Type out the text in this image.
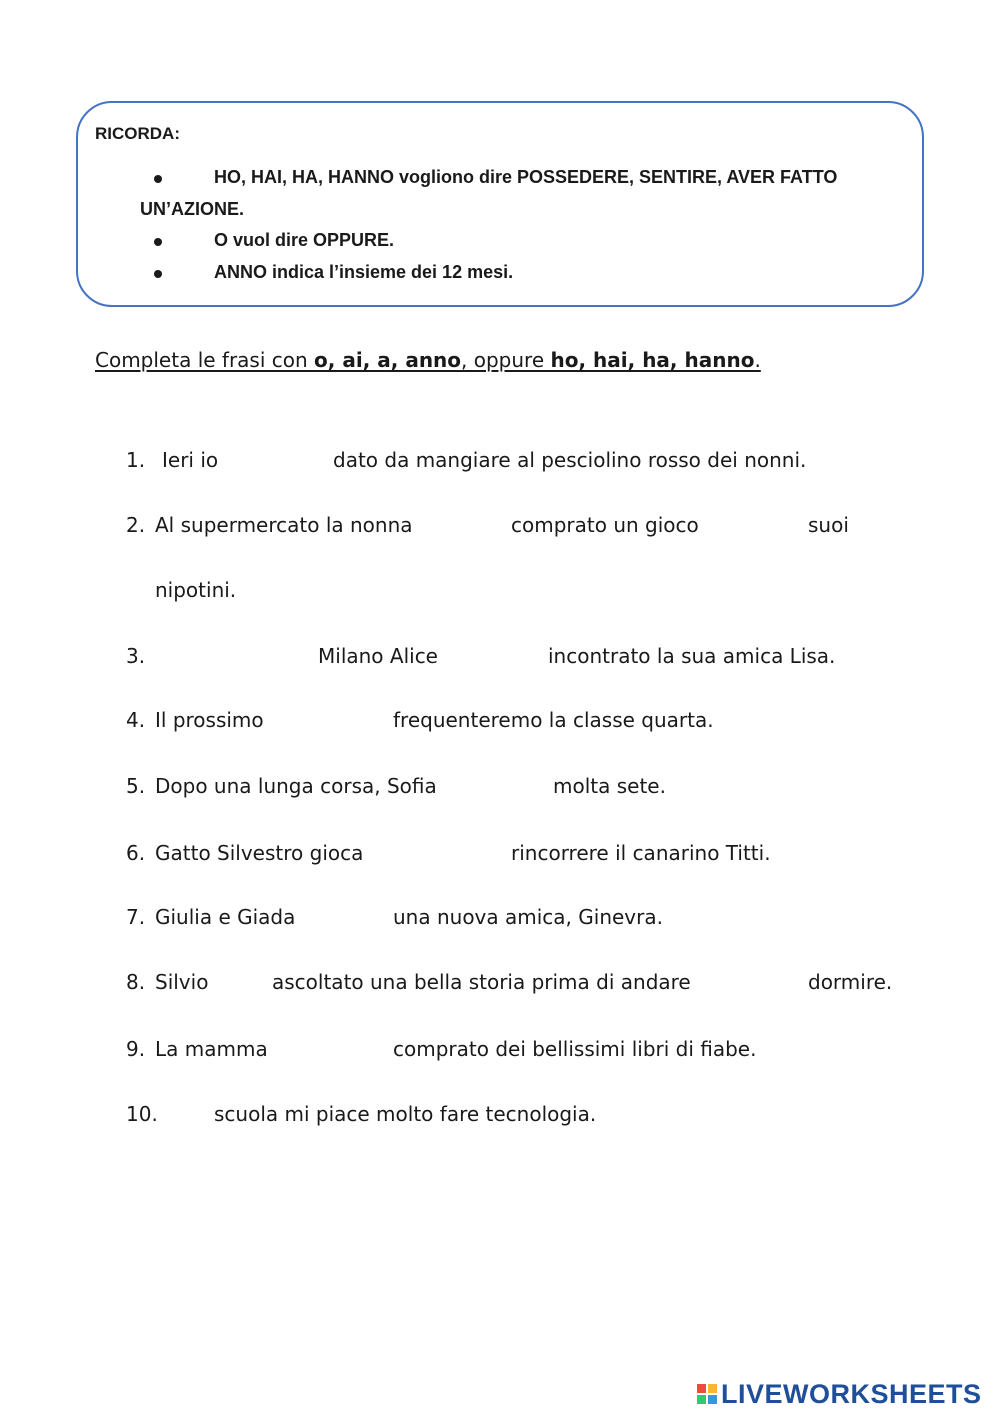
RICORDA:
HO, HAI, HA, HANNO vogliono dire POSSEDERE, SENTIRE, AVER FATTO
UN’AZIONE.
O vuol dire OPPURE.
ANNO indica l’insieme dei 12 mesi.
Completa le frasi con o, ai, a, anno, oppure ho, hai, ha, hanno.
1. Ieri io	dato da mangiare al pesciolino rosso dei nonni.
2. Al supermercato la nonna	comprato un gioco	suoi
nipotini.
3.	Milano Alice	incontrato la sua amica Lisa.
4. Il prossimo	frequenteremo la classe quarta.
5. Dopo una lunga corsa, Sofia	molta sete.
6. Gatto Silvestro gioca	rincorrere il canarino Titti.
7. Giulia e Giada	una nuova amica, Ginevra.
8. Silvio	ascoltato una bella storia prima di andare	dormire.
9. La mamma	comprato dei bellissimi libri di fiabe.
10.	scuola mi piace molto fare tecnologia.
LIVEWORKSHEETS
